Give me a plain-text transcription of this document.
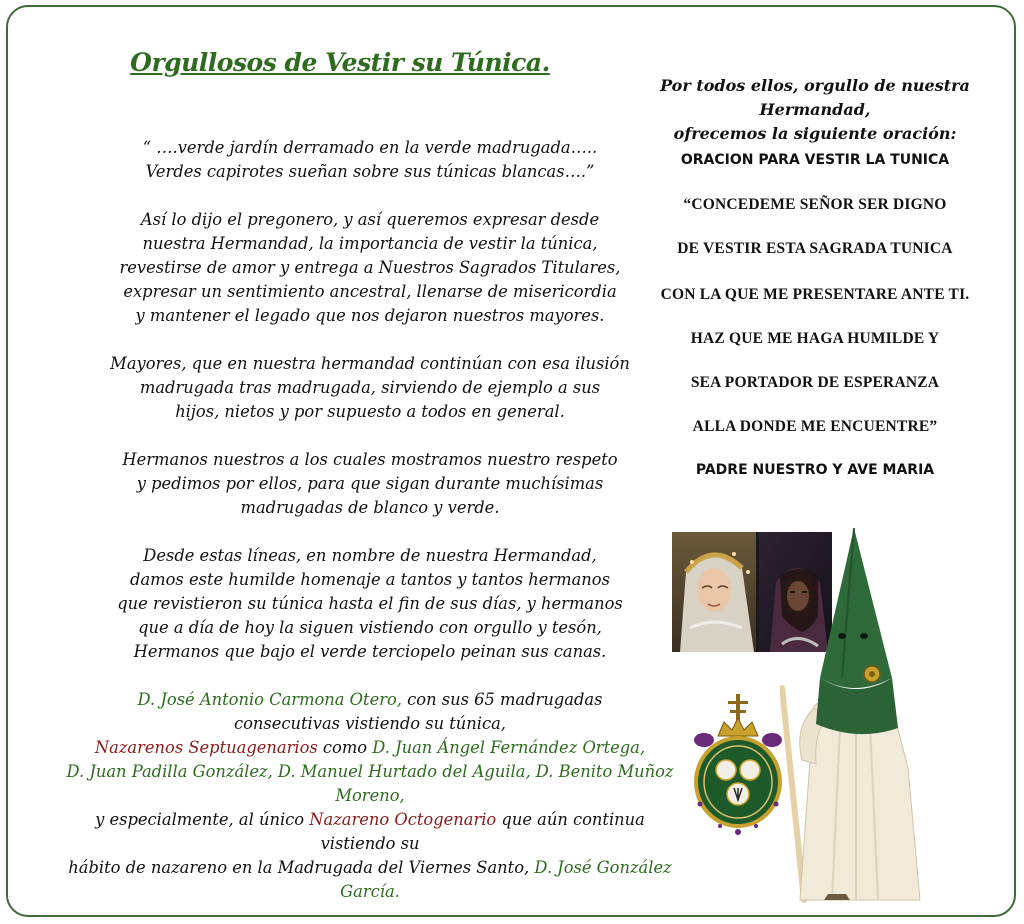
Orgullosos de Vestir su Túnica.

“ ….verde jardín derramado en la verde madrugada…..
Verdes capirotes sueñan sobre sus túnicas blancas….”

Así lo dijo el pregonero, y así queremos expresar desde
nuestra Hermandad, la importancia de vestir la túnica,
revestirse de amor y entrega a Nuestros Sagrados Titulares,
expresar un sentimiento ancestral, llenarse de misericordia
y mantener el legado que nos dejaron nuestros mayores.

Mayores, que en nuestra hermandad continúan con esa ilusión
madrugada tras madrugada, sirviendo de ejemplo a sus
hijos, nietos y por supuesto a todos en general.

Hermanos nuestros a los cuales mostramos nuestro respeto
y pedimos por ellos, para que sigan durante muchísimas
madrugadas de blanco y verde.

Desde estas líneas, en nombre de nuestra Hermandad,
damos este humilde homenaje a tantos y tantos hermanos
que revistieron su túnica hasta el fin de sus días, y hermanos
que a día de hoy la siguen vistiendo con orgullo y tesón,
Hermanos que bajo el verde terciopelo peinan sus canas.

D. José Antonio Carmona Otero, con sus 65 madrugadas
consecutivas vistiendo su túnica,
Nazarenos Septuagenarios como D. Juan Ángel Fernández Ortega,
D. Juan Padilla González, D. Manuel Hurtado del Aguila, D. Benito Muñoz Moreno,
y especialmente, al único Nazareno Octogenario que aún continua vistiendo su
hábito de nazareno en la Madrugada del Viernes Santo, D. José González García.

Por todos ellos, orgullo de nuestra Hermandad,
ofrecemos la siguiente oración:
ORACION PARA VESTIR LA TUNICA
“CONCEDEME SEÑOR SER DIGNO
DE VESTIR ESTA SAGRADA TUNICA
CON LA QUE ME PRESENTARE ANTE TI.
HAZ QUE ME HAGA HUMILDE Y
SEA PORTADOR DE ESPERANZA
ALLA DONDE ME ENCUENTRE”
PADRE NUESTRO Y AVE MARIA
